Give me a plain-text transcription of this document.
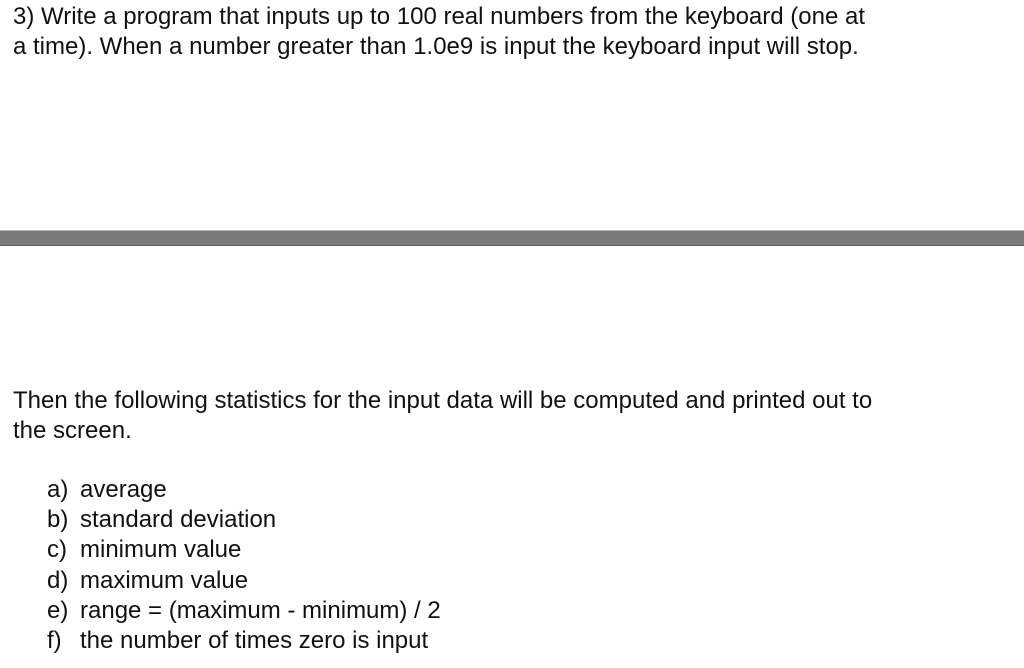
3) Write a program that inputs up to 100 real numbers from the keyboard (one at
a time). When a number greater than 1.0e9 is input the keyboard input will stop.

Then the following statistics for the input data will be computed and printed out to
the screen.

a) average
b) standard deviation
c) minimum value
d) maximum value
e) range = (maximum - minimum) / 2
f) the number of times zero is input
